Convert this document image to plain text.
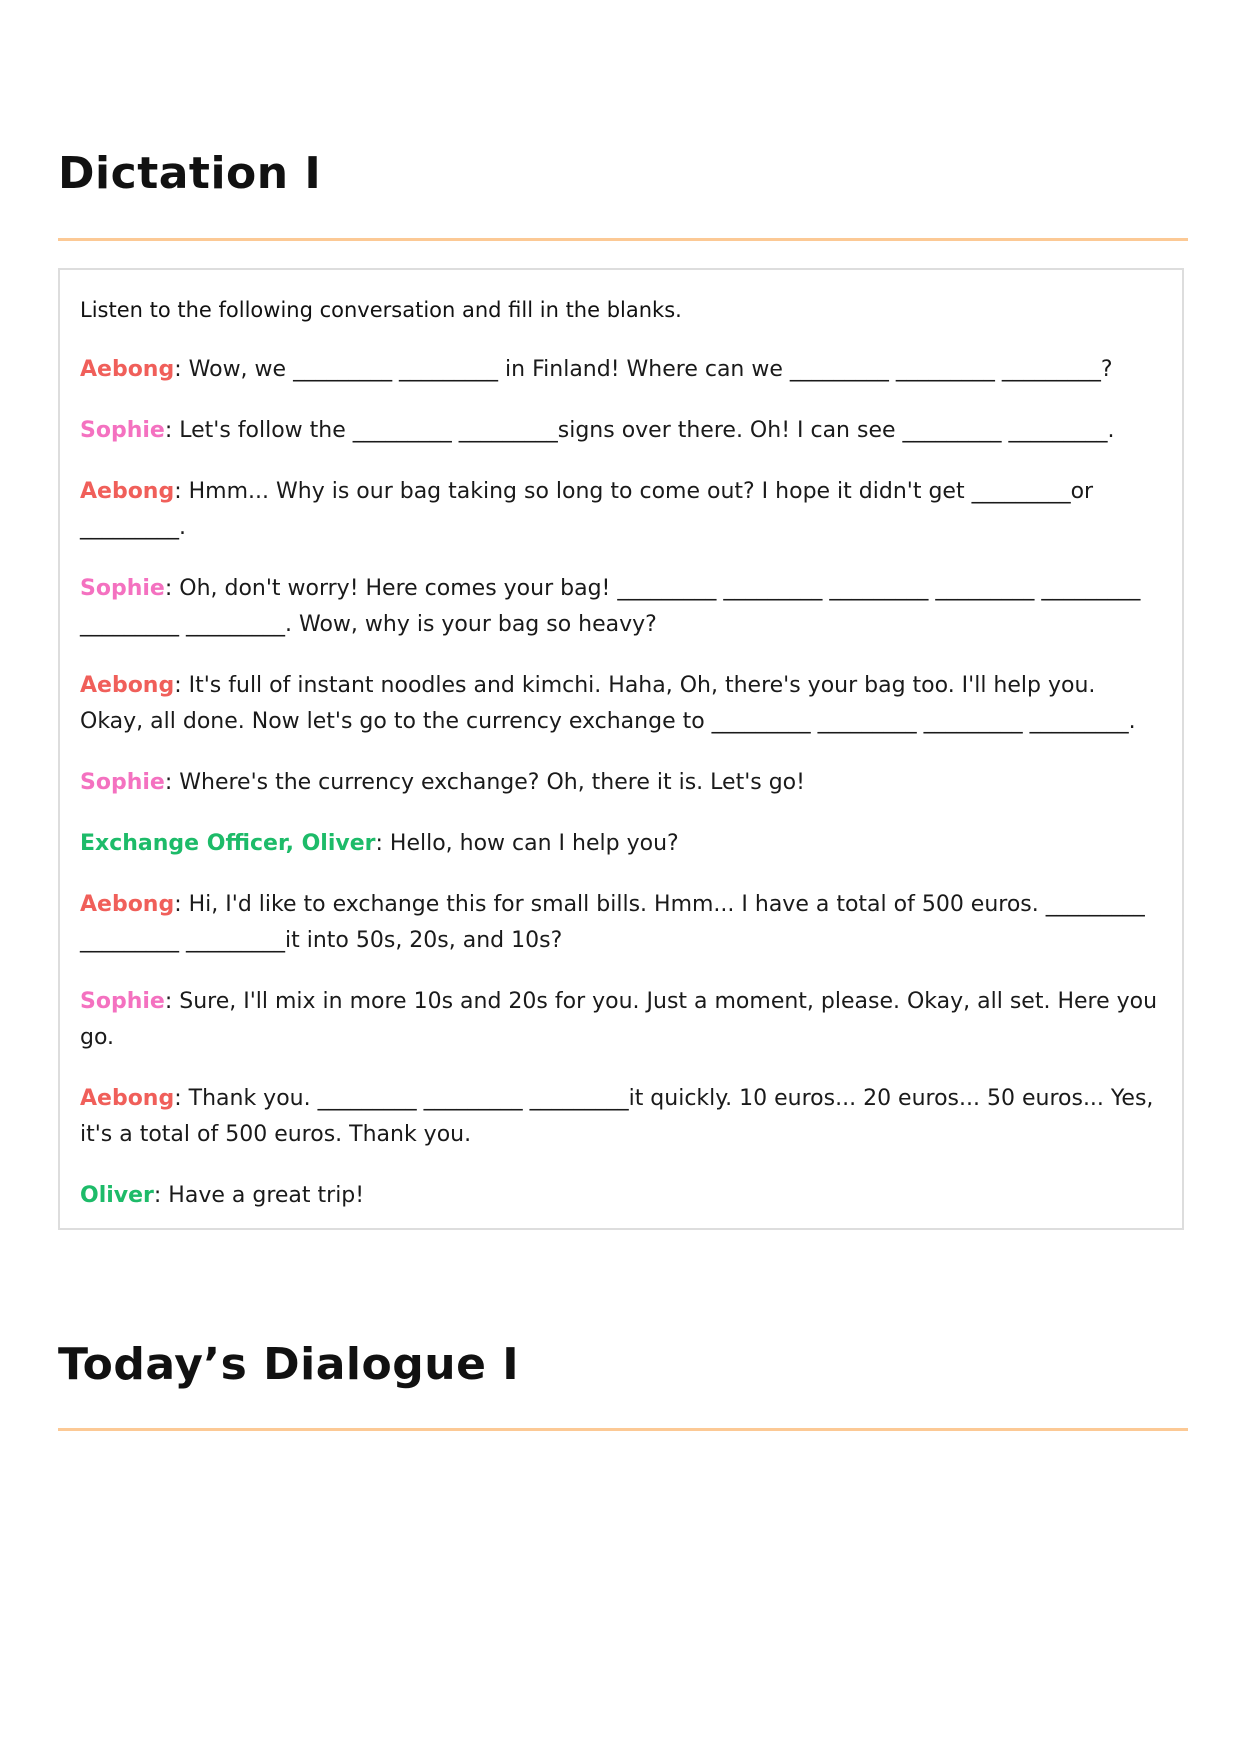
Dictation I

Listen to the following conversation and fill in the blanks.

Aebong: Wow, we _________ _________ in Finland! Where can we _________ _________ _________?

Sophie: Let's follow the _________ _________signs over there. Oh! I can see _________ _________.

Aebong: Hmm... Why is our bag taking so long to come out? I hope it didn't get _________or _________.

Sophie: Oh, don't worry! Here comes your bag! _________ _________ _________ _________ _________ _________ _________. Wow, why is your bag so heavy?

Aebong: It's full of instant noodles and kimchi. Haha, Oh, there's your bag too. I'll help you. Okay, all done. Now let's go to the currency exchange to _________ _________ _________ _________.

Sophie: Where's the currency exchange? Oh, there it is. Let's go!

Exchange Officer, Oliver: Hello, how can I help you?

Aebong: Hi, I'd like to exchange this for small bills. Hmm... I have a total of 500 euros. _________ _________ _________it into 50s, 20s, and 10s?

Sophie: Sure, I'll mix in more 10s and 20s for you. Just a moment, please. Okay, all set. Here you go.

Aebong: Thank you. _________ _________ _________it quickly. 10 euros... 20 euros... 50 euros... Yes, it's a total of 500 euros. Thank you.

Oliver: Have a great trip!

Today’s Dialogue I
